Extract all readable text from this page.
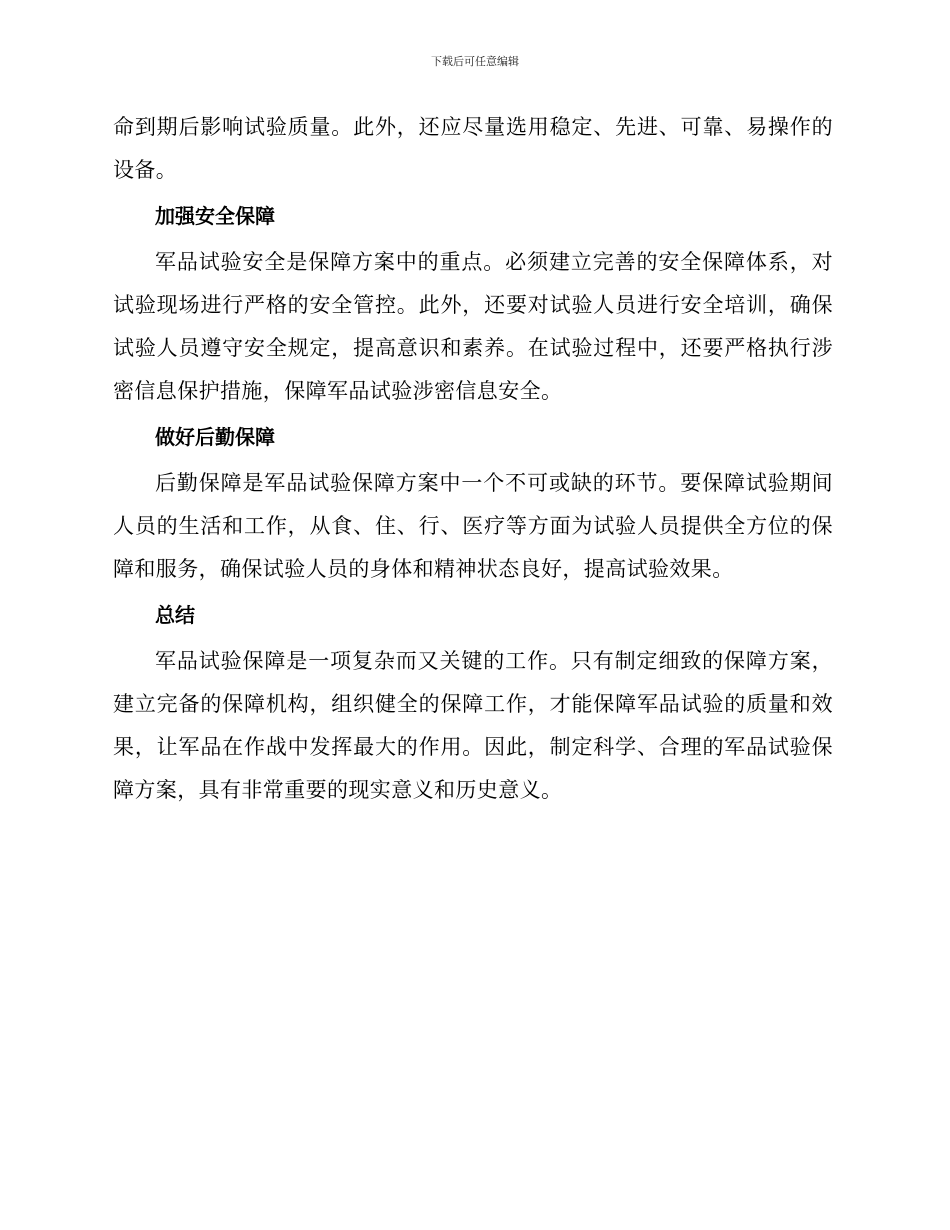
下载后可任意编辑

命到期后影响试验质量。此外，还应尽量选用稳定、先进、可靠、易操作的设备。

加强安全保障

军品试验安全是保障方案中的重点。必须建立完善的安全保障体系，对试验现场进行严格的安全管控。此外，还要对试验人员进行安全培训，确保试验人员遵守安全规定，提高意识和素养。在试验过程中，还要严格执行涉密信息保护措施，保障军品试验涉密信息安全。

做好后勤保障

后勤保障是军品试验保障方案中一个不可或缺的环节。要保障试验期间人员的生活和工作，从食、住、行、医疗等方面为试验人员提供全方位的保障和服务，确保试验人员的身体和精神状态良好，提高试验效果。

总结

军品试验保障是一项复杂而又关键的工作。只有制定细致的保障方案，建立完备的保障机构，组织健全的保障工作，才能保障军品试验的质量和效果，让军品在作战中发挥最大的作用。因此，制定科学、合理的军品试验保障方案，具有非常重要的现实意义和历史意义。
